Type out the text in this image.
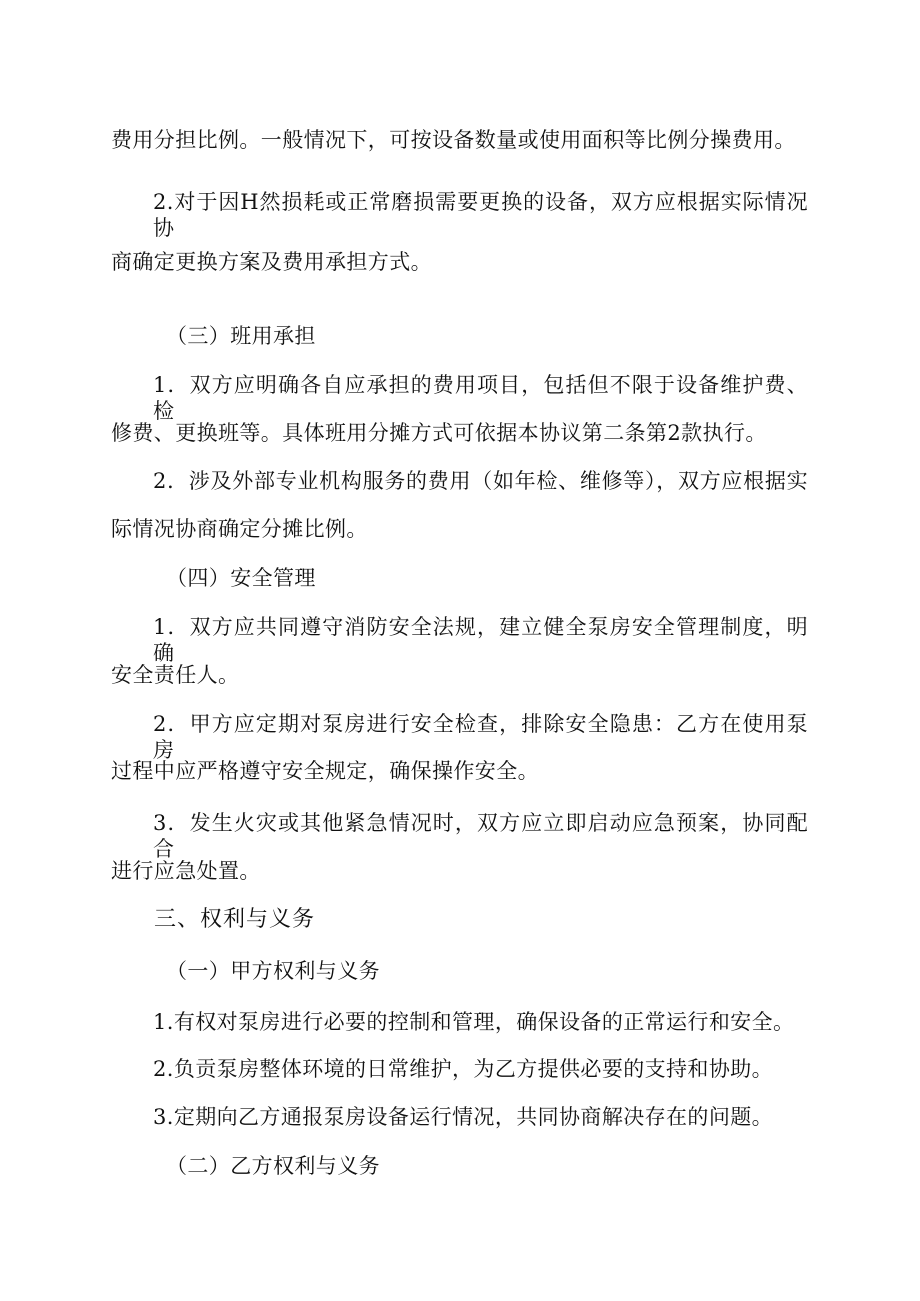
费用分担比例。一般情况下，可按设备数量或使用面积等比例分操费用。

2.对于因H然损耗或正常磨损需要更换的设备，双方应根据实际情况协

商确定更换方案及费用承担方式。

（三）班用承担

1．双方应明确各自应承担的费用项目，包括但不限于设备维护费、检

修费、更换班等。具体班用分摊方式可依据本协议第二条第2款执行。

2．涉及外部专业机构服务的费用（如年检、维修等），双方应根据实

际情况协商确定分摊比例。

（四）安全管理

1．双方应共同遵守消防安全法规，建立健全泵房安全管理制度，明确

安全责任人。

2．甲方应定期对泵房进行安全检查，排除安全隐患：乙方在使用泵房

过程中应严格遵守安全规定，确保操作安全。

3．发生火灾或其他紧急情况时，双方应立即启动应急预案，协同配合

进行应急处置。

三、权利与义务

（一）甲方权利与义务

1.有权对泵房进行必要的控制和管理，确保设备的正常运行和安全。

2.负贡泵房整体环境的日常维护，为乙方提供必要的支持和协助。

3.定期向乙方通报泵房设备运行情况，共同协商解决存在的问题。

（二）乙方权利与义务
